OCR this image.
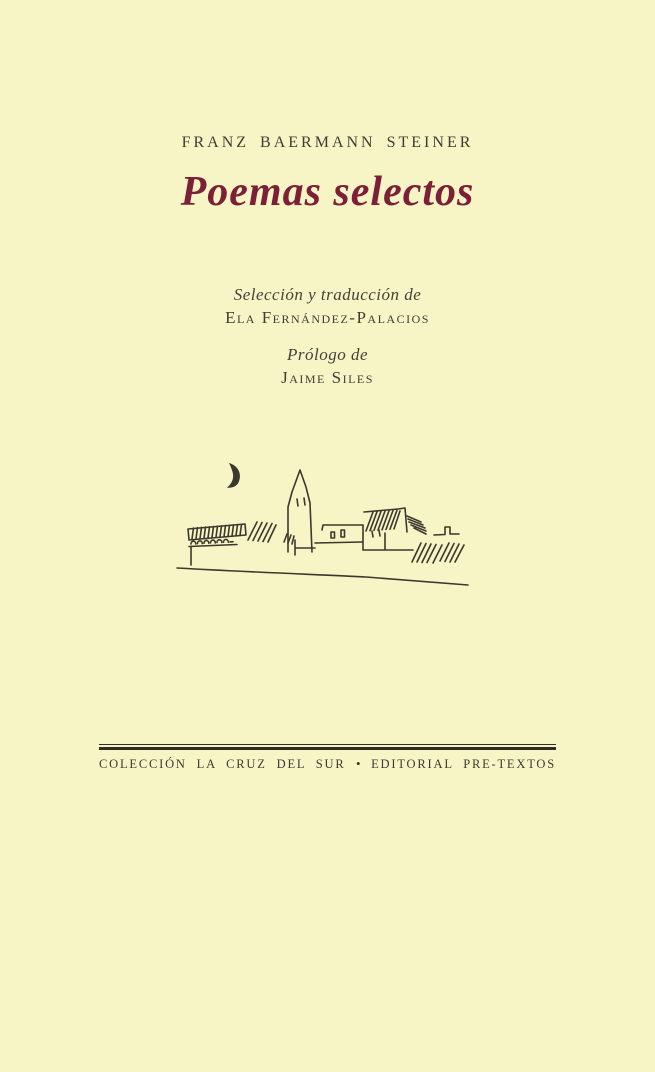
FRANZ BAERMANN STEINER
Poemas selectos
Selección y traducción de
Ela Fernández-Palacios
Prólogo de
Jaime Siles
COLECCIÓN LA CRUZ DEL SUR • EDITORIAL PRE-TEXTOS
